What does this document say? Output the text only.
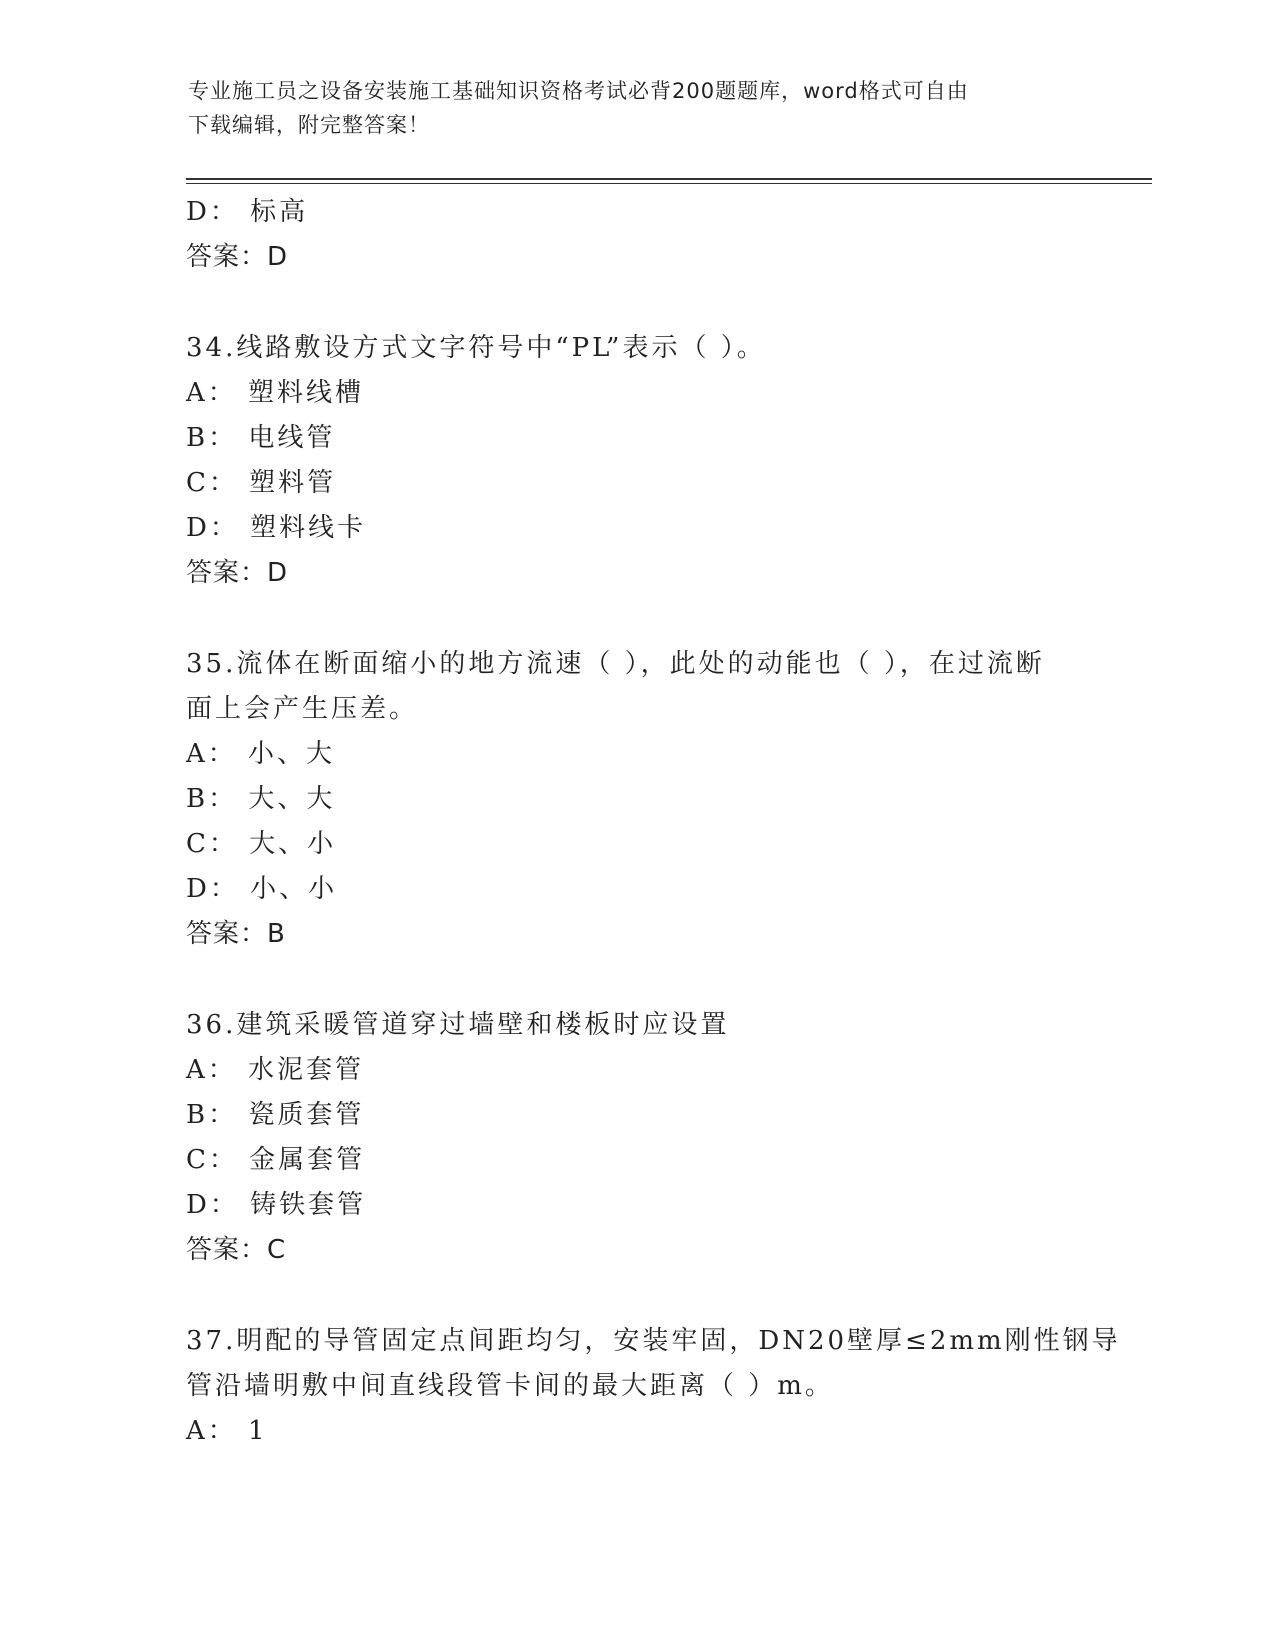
专业施工员之设备安装施工基础知识资格考试必背200题题库，word格式可自由
下载编辑，附完整答案！
D： 标高
答案：D
34.线路敷设方式文字符号中“PL”表示（ ）。
A： 塑料线槽
B： 电线管
C： 塑料管
D： 塑料线卡
答案：D
35.流体在断面缩小的地方流速（ ），此处的动能也（ ），在过流断
面上会产生压差。
A： 小、大
B： 大、大
C： 大、小
D： 小、小
答案：B
36.建筑采暖管道穿过墙壁和楼板时应设置
A： 水泥套管
B： 瓷质套管
C： 金属套管
D： 铸铁套管
答案：C
37.明配的导管固定点间距均匀，安装牢固，DN20壁厚≤2mm刚性钢导
管沿墙明敷中间直线段管卡间的最大距离（ ）m。
A： 1
